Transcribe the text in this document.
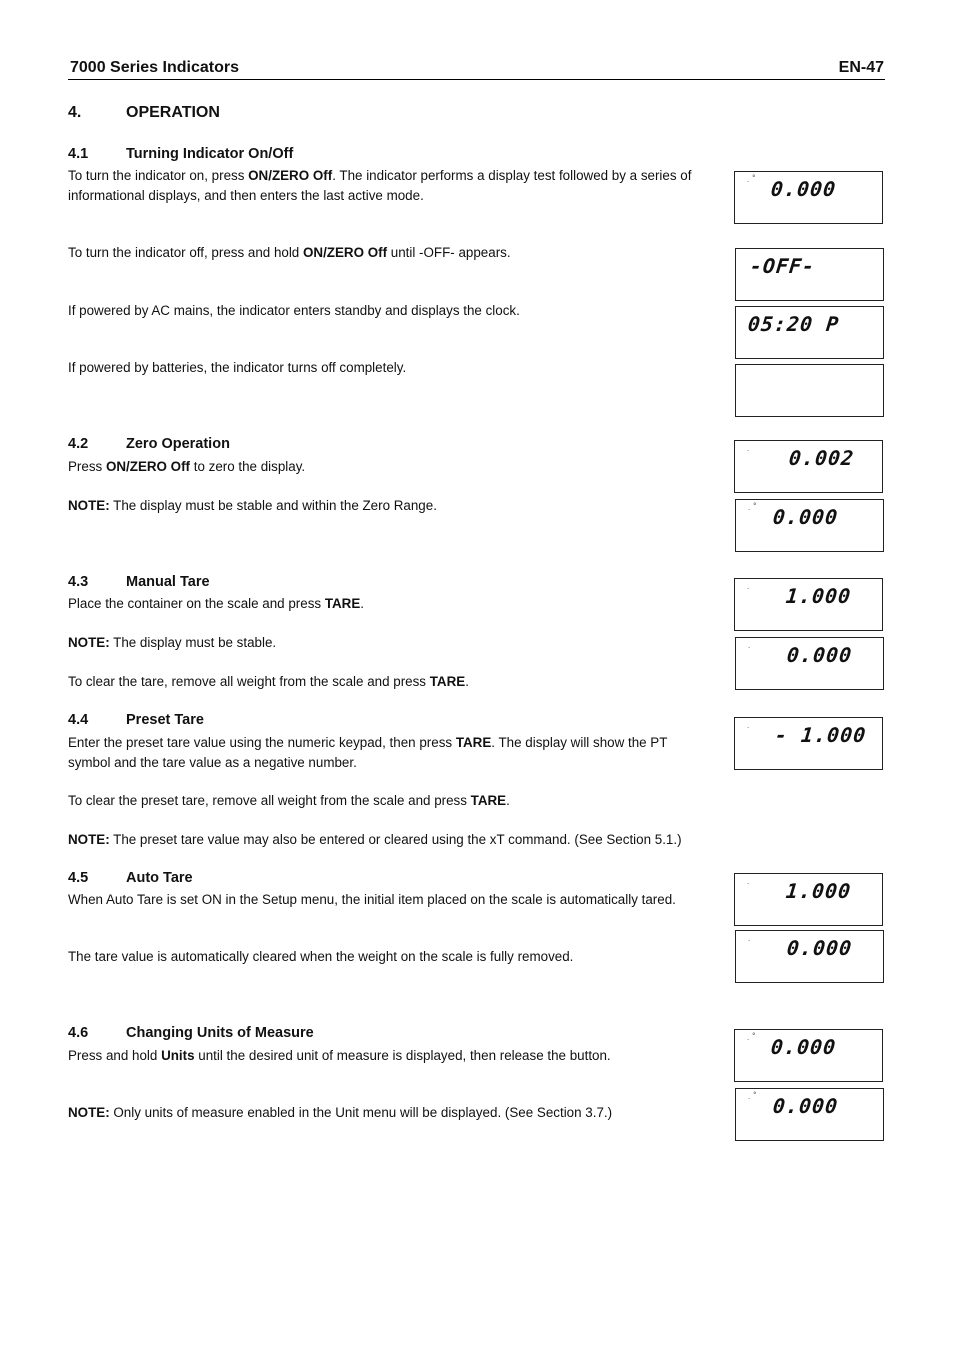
7000 Series Indicators	EN-47
4.	OPERATION
4.1	Turning Indicator On/Off
To turn the indicator on, press ON/ZERO Off. The indicator performs a display test followed by a series of informational displays, and then enters the last active mode.
To turn the indicator off, press and hold ON/ZERO Off until -OFF- appears.
If powered by AC mains, the indicator enters standby and displays the clock.
If powered by batteries, the indicator turns off completely.
4.2	Zero Operation
Press ON/ZERO Off to zero the display.
NOTE: The display must be stable and within the Zero Range.
4.3	Manual Tare
Place the container on the scale and press TARE.
NOTE: The display must be stable.
To clear the tare, remove all weight from the scale and press TARE.
4.4	Preset Tare
Enter the preset tare value using the numeric keypad, then press TARE. The display will show the PT symbol and the tare value as a negative number.
To clear the preset tare, remove all weight from the scale and press TARE.
NOTE: The preset tare value may also be entered or cleared using the xT command. (See Section 5.1.)
4.5	Auto Tare
When Auto Tare is set ON in the Setup menu, the initial item placed on the scale is automatically tared.
The tare value is automatically cleared when the weight on the scale is fully removed.
4.6	Changing Units of Measure
Press and hold Units until the desired unit of measure is displayed, then release the button.
NOTE: Only units of measure enabled in the Unit menu will be displayed. (See Section 3.7.)
· ° 0.000
-OFF-
05:20 P
· 0.002
· ° 0.000
· 1.000
· 0.000
· - 1.000
· 1.000
· 0.000
· ° 0.000
· ° 0.000
